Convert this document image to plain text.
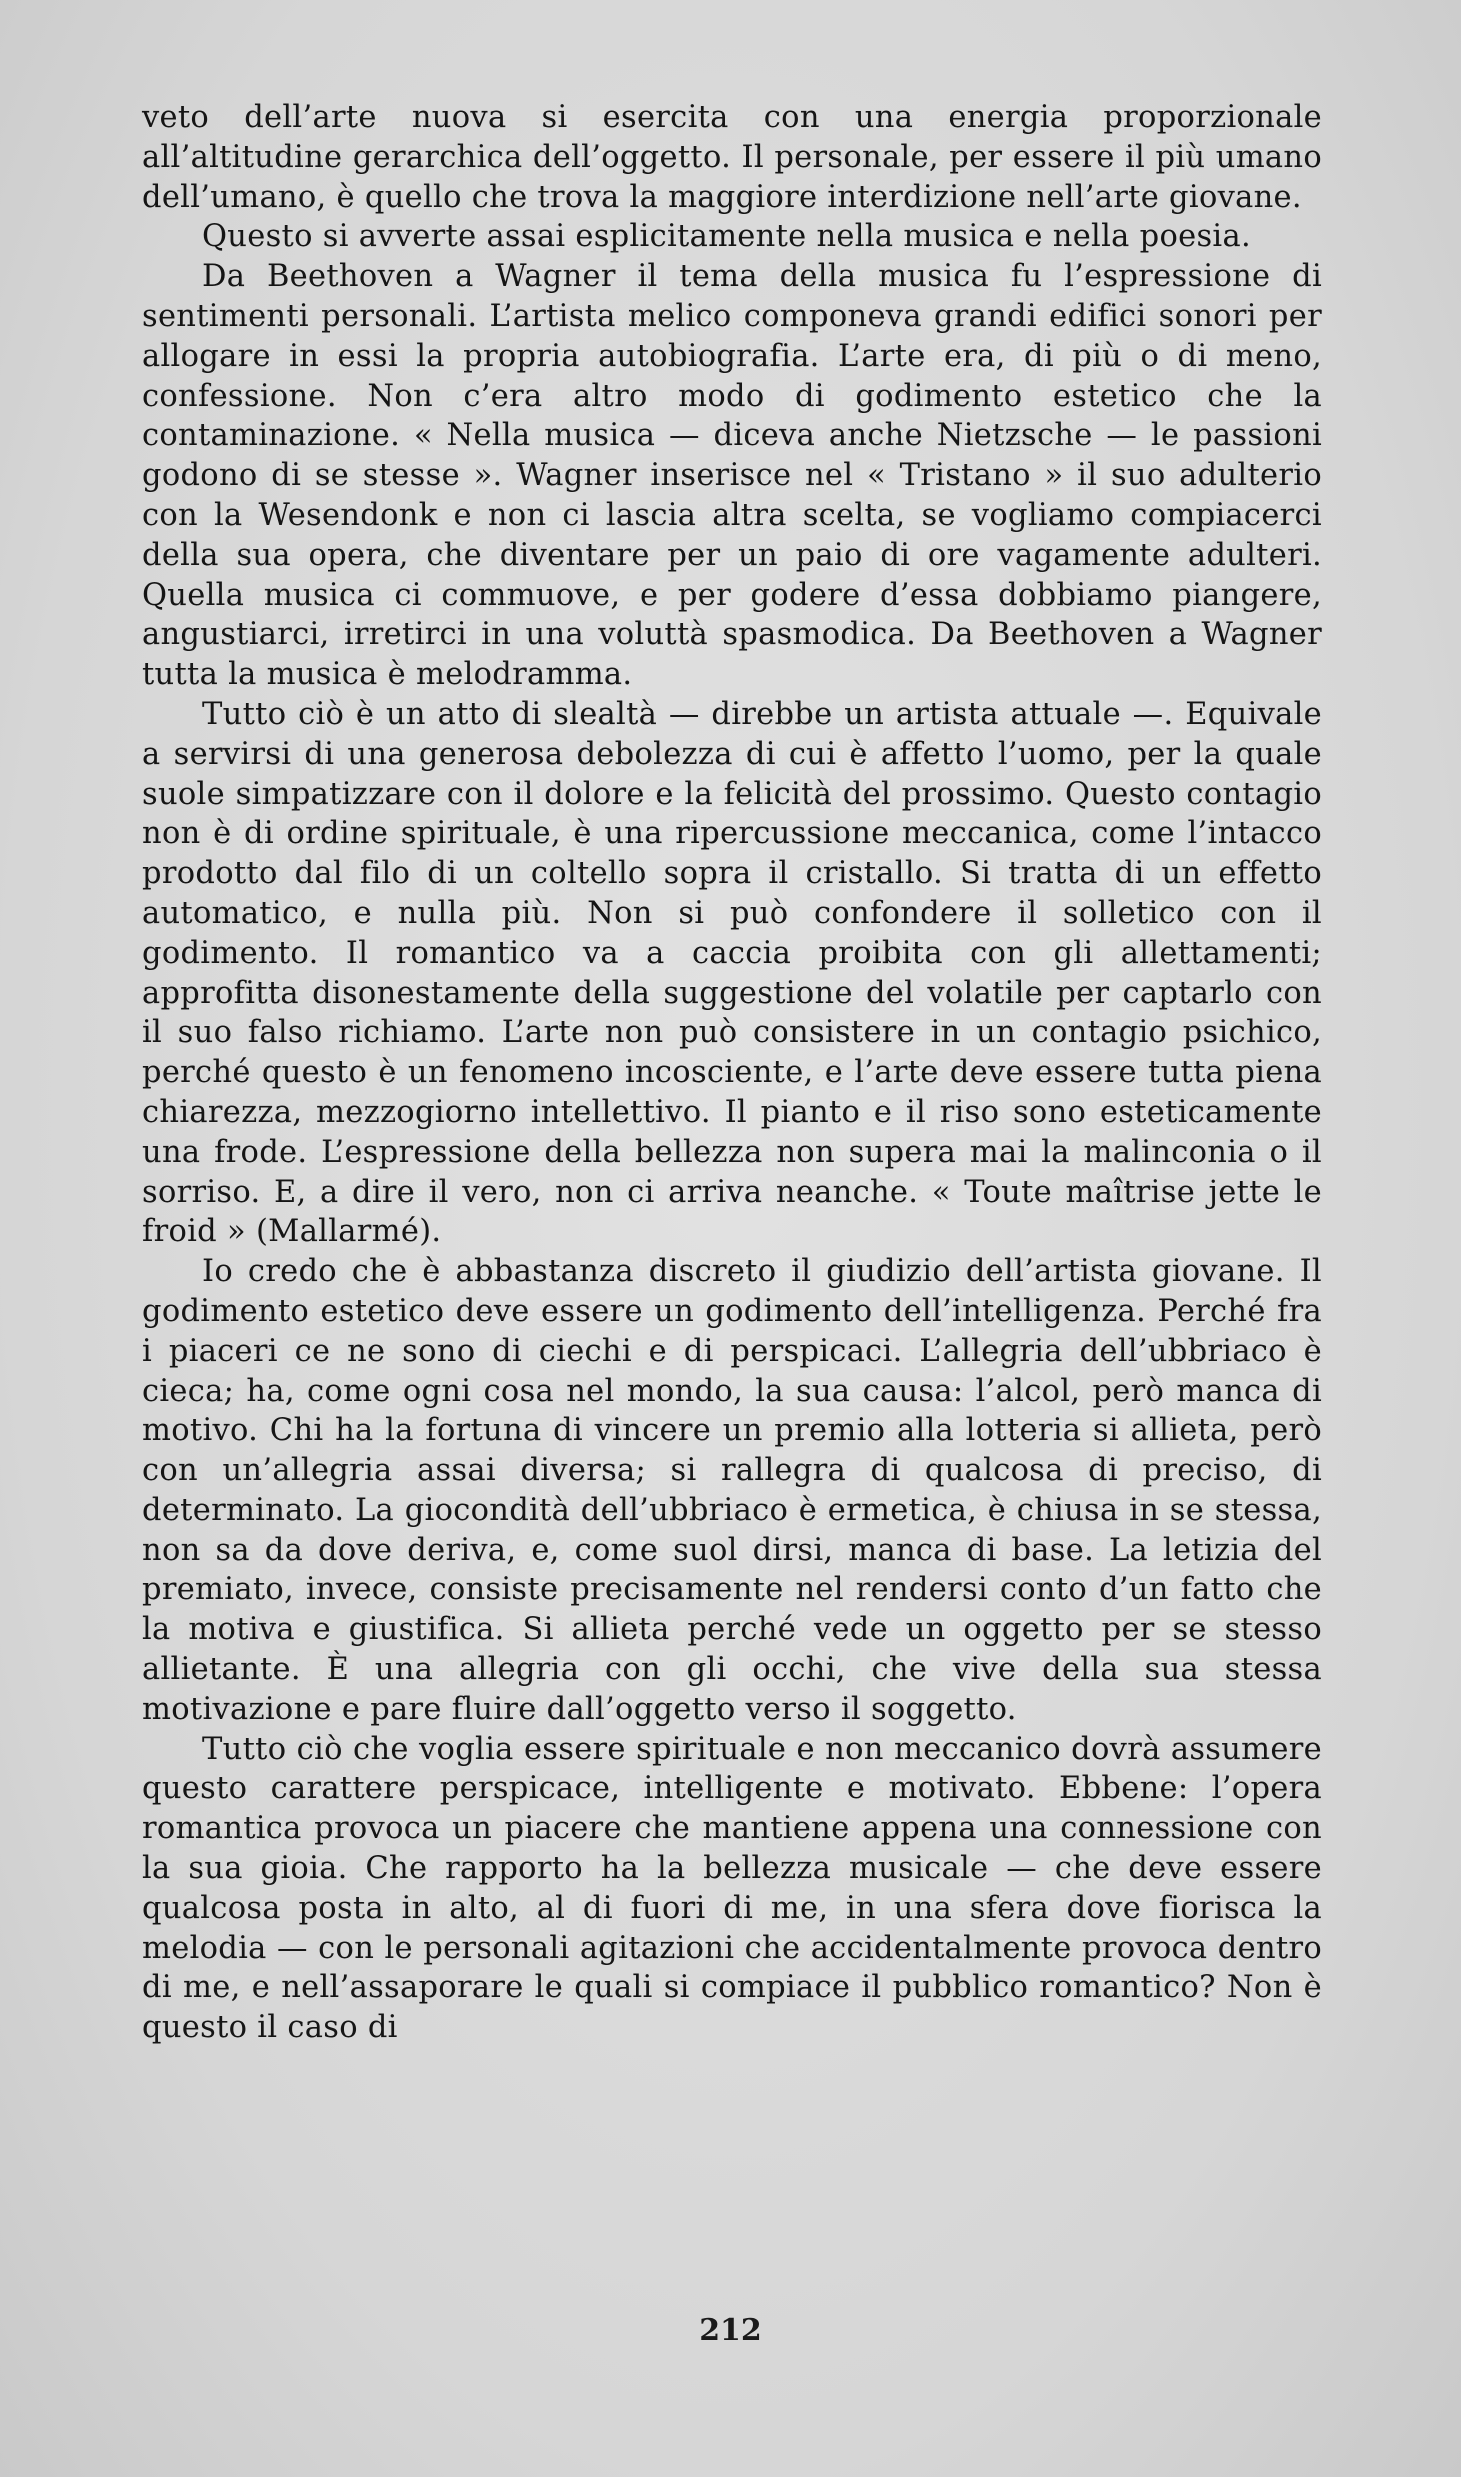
veto dell’arte nuova si esercita con una energia proporzionale all’altitudine gerarchica dell’oggetto. Il personale, per essere il più umano dell’umano, è quello che trova la maggiore interdizione nell’arte giovane.

Questo si avverte assai esplicitamente nella musica e nella poesia.

Da Beethoven a Wagner il tema della musica fu l’espressione di sentimenti personali. L’artista melico componeva grandi edifici sonori per allogare in essi la propria autobiografia. L’arte era, di più o di meno, confessione. Non c’era altro modo di godimento estetico che la contaminazione. « Nella musica — diceva anche Nietzsche — le passioni godono di se stesse ». Wagner inserisce nel « Tristano » il suo adulterio con la Wesendonk e non ci lascia altra scelta, se vogliamo compiacerci della sua opera, che diventare per un paio di ore vagamente adulteri. Quella musica ci commuove, e per godere d’essa dobbiamo piangere, angustiarci, irretirci in una voluttà spasmodica. Da Beethoven a Wagner tutta la musica è melodramma.

Tutto ciò è un atto di slealtà — direbbe un artista attuale —. Equivale a servirsi di una generosa debolezza di cui è affetto l’uomo, per la quale suole simpatizzare con il dolore e la felicità del prossimo. Questo contagio non è di ordine spirituale, è una ripercussione meccanica, come l’intacco prodotto dal filo di un coltello sopra il cristallo. Si tratta di un effetto automatico, e nulla più. Non si può confondere il solletico con il godimento. Il romantico va a caccia proibita con gli allettamenti; approfitta disonestamente della suggestione del volatile per captarlo con il suo falso richiamo. L’arte non può consistere in un contagio psichico, perché questo è un fenomeno incosciente, e l’arte deve essere tutta piena chiarezza, mezzogiorno intellettivo. Il pianto e il riso sono esteticamente una frode. L’espressione della bellezza non supera mai la malinconia o il sorriso. E, a dire il vero, non ci arriva neanche. « Toute maîtrise jette le froid » (Mallarmé).

Io credo che è abbastanza discreto il giudizio dell’artista giovane. Il godimento estetico deve essere un godimento dell’intelligenza. Perché fra i piaceri ce ne sono di ciechi e di perspicaci. L’allegria dell’ubbriaco è cieca; ha, come ogni cosa nel mondo, la sua causa: l’alcol, però manca di motivo. Chi ha la fortuna di vincere un premio alla lotteria si allieta, però con un’allegria assai diversa; si rallegra di qualcosa di preciso, di determinato. La giocondità dell’ubbriaco è ermetica, è chiusa in se stessa, non sa da dove deriva, e, come suol dirsi, manca di base. La letizia del premiato, invece, consiste precisamente nel rendersi conto d’un fatto che la motiva e giustifica. Si allieta perché vede un oggetto per se stesso allietante. È una allegria con gli occhi, che vive della sua stessa motivazione e pare fluire dall’oggetto verso il soggetto.

Tutto ciò che voglia essere spirituale e non meccanico dovrà assumere questo carattere perspicace, intelligente e motivato. Ebbene: l’opera romantica provoca un piacere che mantiene appena una connessione con la sua gioia. Che rapporto ha la bellezza musicale — che deve essere qualcosa posta in alto, al di fuori di me, in una sfera dove fiorisca la melodia — con le personali agitazioni che accidentalmente provoca dentro di me, e nell’assaporare le quali si compiace il pubblico romantico? Non è questo il caso di

212
